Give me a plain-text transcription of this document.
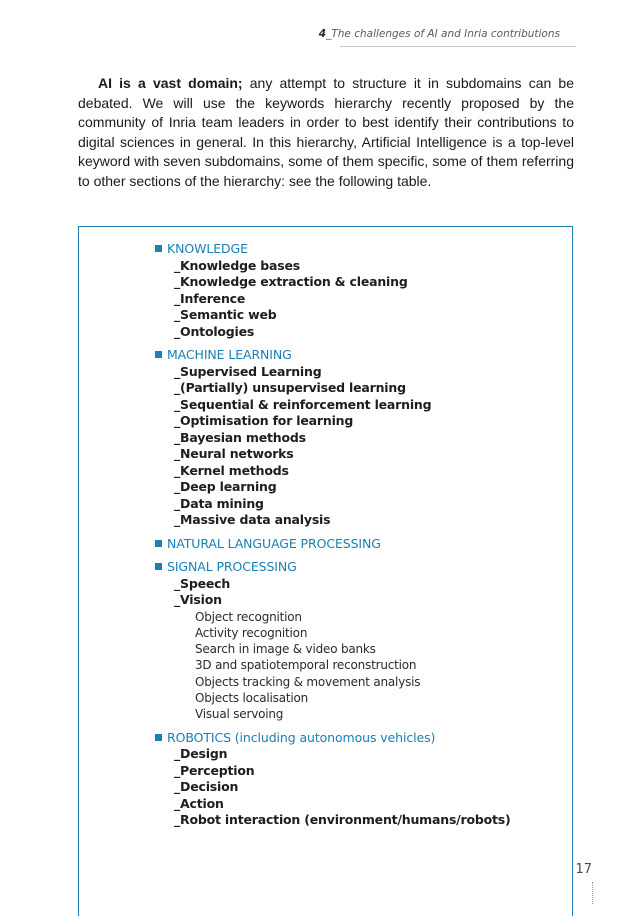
4_The challenges of AI and Inria contributions

AI is a vast domain; any attempt to structure it in subdomains can be debated. We will use the keywords hierarchy recently proposed by the community of Inria team leaders in order to best identify their contributions to digital sciences in general. In this hierarchy, Artificial Intelligence is a top-level keyword with seven subdomains, some of them specific, some of them referring to other sections of the hierarchy: see the following table.

KNOWLEDGE
_Knowledge bases
_Knowledge extraction & cleaning
_Inference
_Semantic web
_Ontologies
MACHINE LEARNING
_Supervised Learning
_(Partially) unsupervised learning
_Sequential & reinforcement learning
_Optimisation for learning
_Bayesian methods
_Neural networks
_Kernel methods
_Deep learning
_Data mining
_Massive data analysis
NATURAL LANGUAGE PROCESSING
SIGNAL PROCESSING
_Speech
_Vision
Object recognition
Activity recognition
Search in image & video banks
3D and spatiotemporal reconstruction
Objects tracking & movement analysis
Objects localisation
Visual servoing
ROBOTICS (including autonomous vehicles)
_Design
_Perception
_Decision
_Action
_Robot interaction (environment/humans/robots)
17
